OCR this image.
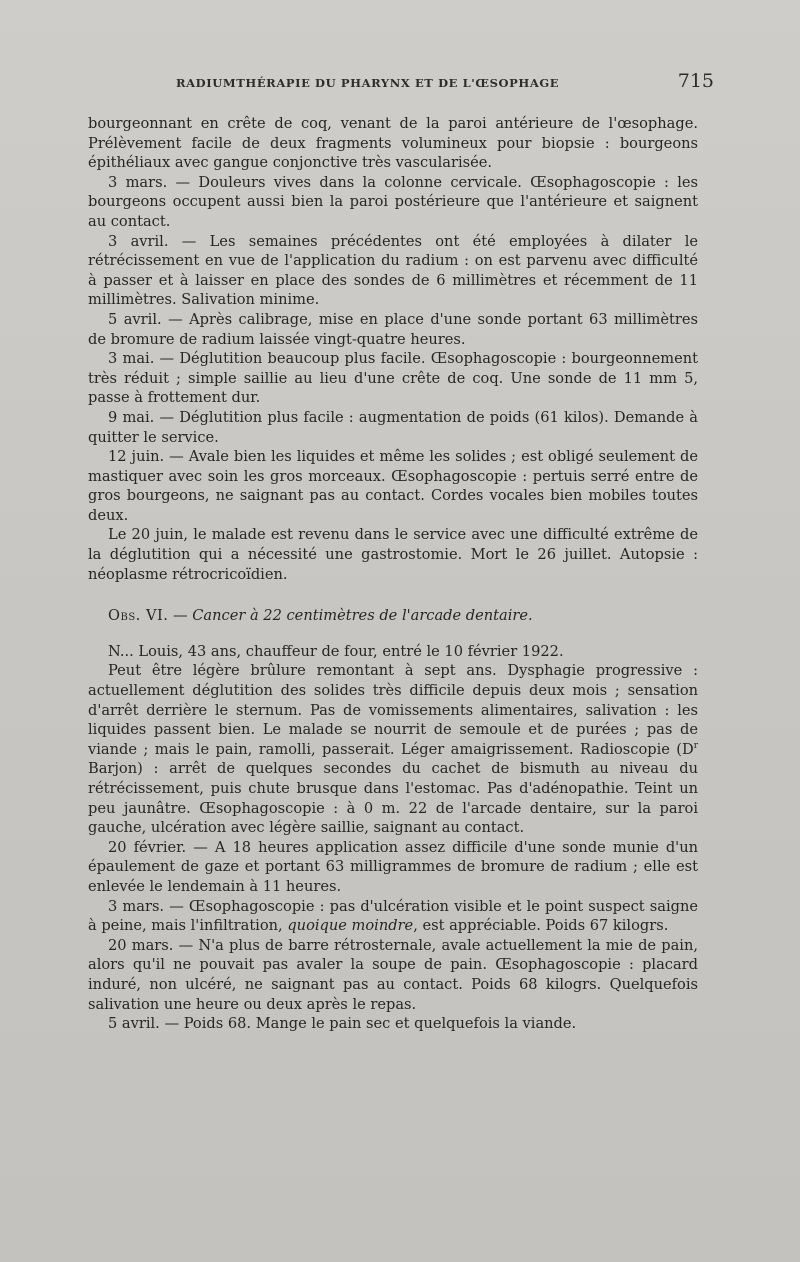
RADIUMTHÉRAPIE DU PHARYNX ET DE L'ŒSOPHAGE	715

bourgeonnant en crête de coq, venant de la paroi antérieure de l'œsophage. Prélèvement facile de deux fragments volumineux pour biopsie : bourgeons épithéliaux avec gangue conjonctive très vascularisée.

3 mars. — Douleurs vives dans la colonne cervicale. Œsophagoscopie : les bourgeons occupent aussi bien la paroi postérieure que l'antérieure et saignent au contact.

3 avril. — Les semaines précédentes ont été employées à dilater le rétrécissement en vue de l'application du radium : on est parvenu avec difficulté à passer et à laisser en place des sondes de 6 millimètres et récemment de 11 millimètres. Salivation minime.

5 avril. — Après calibrage, mise en place d'une sonde portant 63 millimètres de bromure de radium laissée vingt-quatre heures.

3 mai. — Déglutition beaucoup plus facile. Œsophagoscopie : bourgeonnement très réduit ; simple saillie au lieu d'une crête de coq. Une sonde de 11 mm 5, passe à frottement dur.

9 mai. — Déglutition plus facile : augmentation de poids (61 kilos). Demande à quitter le service.

12 juin. — Avale bien les liquides et même les solides ; est obligé seulement de mastiquer avec soin les gros morceaux. Œsophagoscopie : pertuis serré entre de gros bourgeons, ne saignant pas au contact. Cordes vocales bien mobiles toutes deux.

Le 20 juin, le malade est revenu dans le service avec une difficulté extrême de la déglutition qui a nécessité une gastrostomie. Mort le 26 juillet. Autopsie : néoplasme rétrocricoïdien.

Obs. VI. — Cancer à 22 centimètres de l'arcade dentaire.

N... Louis, 43 ans, chauffeur de four, entré le 10 février 1922.

Peut être légère brûlure remontant à sept ans. Dysphagie progressive : actuellement déglutition des solides très difficile depuis deux mois ; sensation d'arrêt derrière le sternum. Pas de vomissements alimentaires, salivation : les liquides passent bien. Le malade se nourrit de semoule et de purées ; pas de viande ; mais le pain, ramolli, passerait. Léger amaigrissement. Radioscopie ($D^r$ Barjon) : arrêt de quelques secondes du cachet de bismuth au niveau du rétrécissement, puis chute brusque dans l'estomac. Pas d'adénopathie. Teint un peu jaunâtre. Œsophagoscopie : à 0 m. 22 de l'arcade dentaire, sur la paroi gauche, ulcération avec légère saillie, saignant au contact.

20 février. — A 18 heures application assez difficile d'une sonde munie d'un épaulement de gaze et portant 63 milligrammes de bromure de radium ; elle est enlevée le lendemain à 11 heures.

3 mars. — Œsophagoscopie : pas d'ulcération visible et le point suspect saigne à peine, mais l'infiltration, quoique moindre, est appréciable. Poids 67 kilogrs.

20 mars. — N'a plus de barre rétrosternale, avale actuellement la mie de pain, alors qu'il ne pouvait pas avaler la soupe de pain. Œsophagoscopie : placard induré, non ulcéré, ne saignant pas au contact. Poids 68 kilogrs. Quelquefois salivation une heure ou deux après le repas.

5 avril. — Poids 68. Mange le pain sec et quelquefois la viande.
